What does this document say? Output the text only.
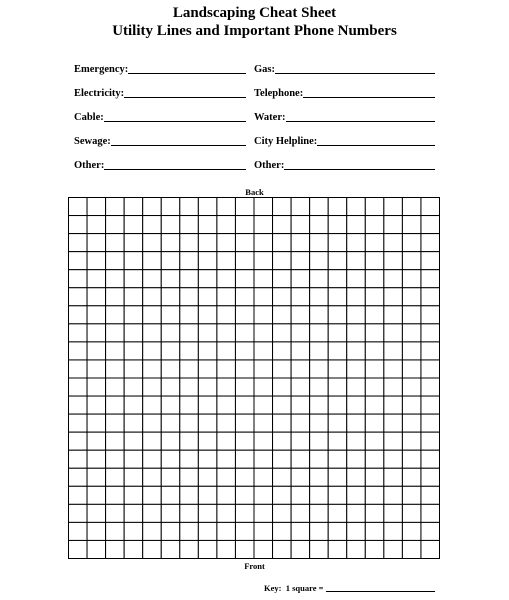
Landscaping Cheat Sheet
Utility Lines and Important Phone Numbers
Emergency:
Electricity:
Cable:
Sewage:
Other:
Gas:
Telephone:
Water:
City Helpline:
Other:
Back
Front
Key:  1 square =
